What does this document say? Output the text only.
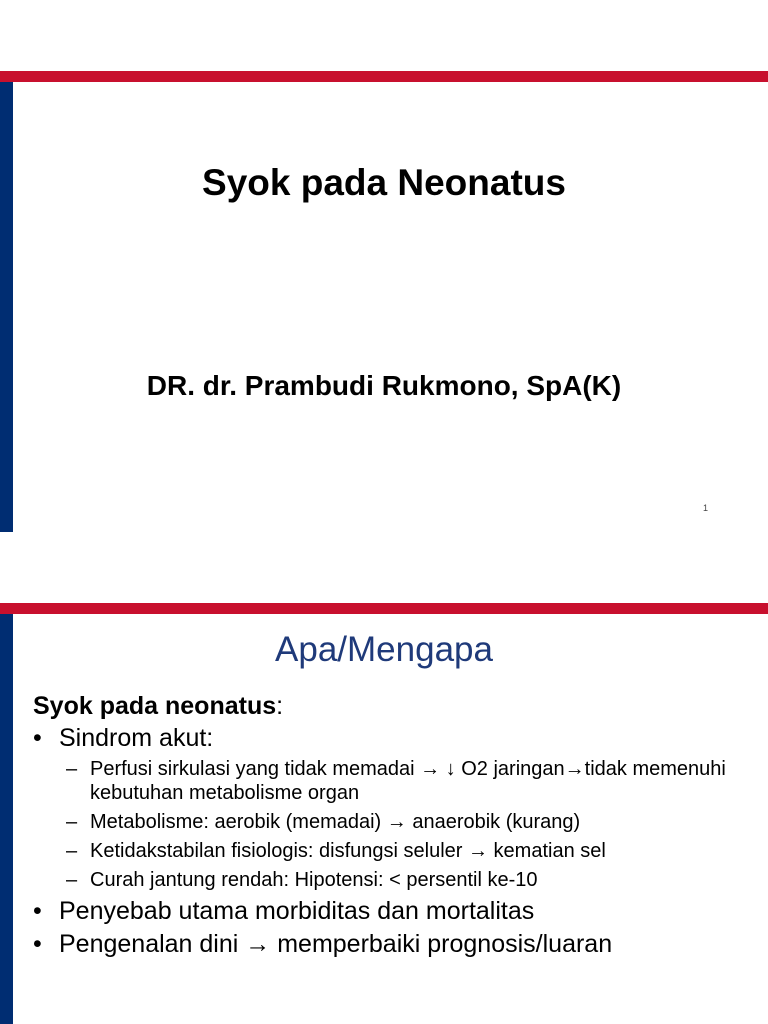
Syok pada Neonatus
DR. dr. Prambudi Rukmono, SpA(K)
1
Apa/Mengapa
Syok pada neonatus:
• Sindrom akut:
– Perfusi sirkulasi yang tidak memadai → ↓ O2 jaringan→tidak memenuhi kebutuhan metabolisme organ
– Metabolisme: aerobik (memadai) → anaerobik (kurang)
– Ketidakstabilan fisiologis: disfungsi seluler → kematian sel
– Curah jantung rendah: Hipotensi: < persentil ke-10
• Penyebab utama morbiditas dan mortalitas
• Pengenalan dini → memperbaiki prognosis/luaran
